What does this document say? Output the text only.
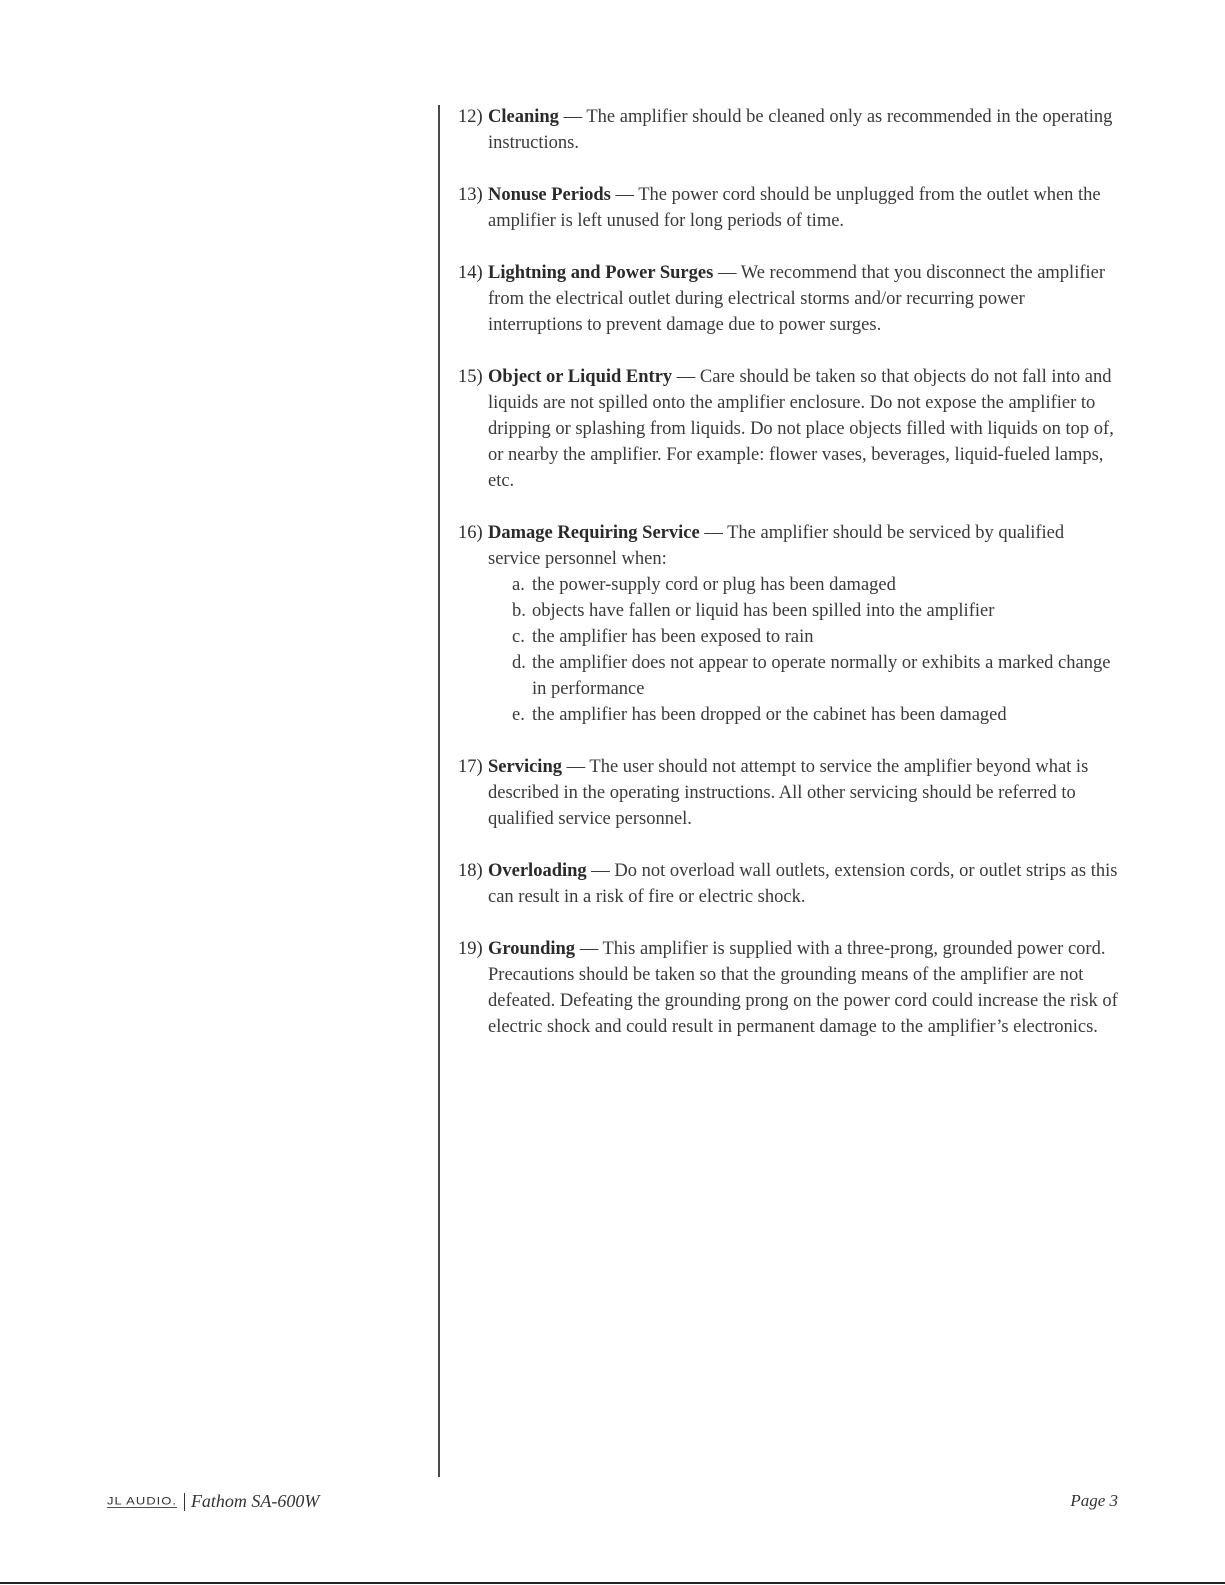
12) Cleaning — The amplifier should be cleaned only as recommended in the operating instructions.
13) Nonuse Periods — The power cord should be unplugged from the outlet when the amplifier is left unused for long periods of time.
14) Lightning and Power Surges — We recommend that you disconnect the amplifier from the electrical outlet during electrical storms and/or recurring power interruptions to prevent damage due to power surges.
15) Object or Liquid Entry — Care should be taken so that objects do not fall into and liquids are not spilled onto the amplifier enclosure. Do not expose the amplifier to dripping or splashing from liquids. Do not place objects filled with liquids on top of, or nearby the amplifier. For example: flower vases, beverages, liquid-fueled lamps, etc.
16) Damage Requiring Service — The amplifier should be serviced by qualified service personnel when:
a. the power-supply cord or plug has been damaged
b. objects have fallen or liquid has been spilled into the amplifier
c. the amplifier has been exposed to rain
d. the amplifier does not appear to operate normally or exhibits a marked change in performance
e. the amplifier has been dropped or the cabinet has been damaged
17) Servicing — The user should not attempt to service the amplifier beyond what is described in the operating instructions. All other servicing should be referred to qualified service personnel.
18) Overloading — Do not overload wall outlets, extension cords, or outlet strips as this can result in a risk of fire or electric shock.
19) Grounding — This amplifier is supplied with a three-prong, grounded power cord. Precautions should be taken so that the grounding means of the amplifier are not defeated. Defeating the grounding prong on the power cord could increase the risk of electric shock and could result in permanent damage to the amplifier’s electronics.
JL AUDIO. Fathom SA-600W	Page 3
